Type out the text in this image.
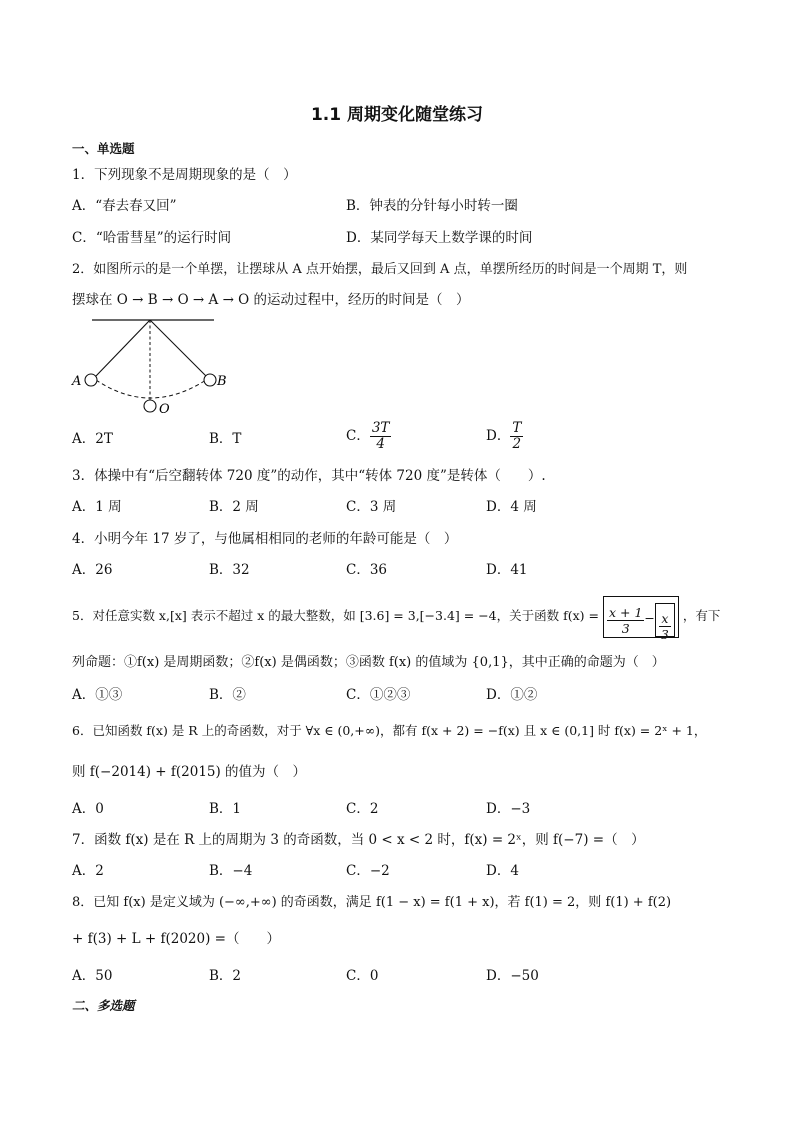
1.1 周期变化随堂练习
一、单选题
1．下列现象不是周期现象的是（　）
A．“春去春又回”	B．钟表的分针每小时转一圈
C．“哈雷彗星”的运行时间	D．某同学每天上数学课的时间
2．如图所示的是一个单摆，让摆球从 A 点开始摆，最后又回到 A 点，单摆所经历的时间是一个周期 T，则
摆球在 O → B → O → A → O 的运动过程中，经历的时间是（　）
A	B
O
A．2T	B．T	C． $\frac{3T}{4}$	D． $\frac{T}{2}$
3．体操中有“后空翻转体 720 度”的动作，其中“转体 720 度”是转体（　　）.
A．1 周	B．2 周	C．3 周	D．4 周
4．小明今年 17 岁了，与他属相相同的老师的年龄可能是（　）
A．26	B．32	C．36	D．41
5．对任意实数 x,[x] 表示不超过 x 的最大整数，如 [3.6] = 3,[−3.4] = −4，关于函数 $f(x) = \frac{x + 1}{3} - \frac{x}{3}$ ，有下
列命题：①f(x) 是周期函数；②f(x) 是偶函数；③函数 f(x) 的值域为 {0,1}，其中正确的命题为（　）
A．①③	B．②	C．①②③	D．①②
6．已知函数 f(x) 是 R 上的奇函数，对于 ∀x ∈ (0,+∞)，都有 f(x + 2) = −f(x) 且 x ∈ (0,1] 时 f(x) = 2ˣ + 1，
则 f(−2014) + f(2015) 的值为（　）
A．0	B．1	C．2	D．−3
7．函数 f(x) 是在 R 上的周期为 3 的奇函数，当 0 < x < 2 时，f(x) = 2ˣ，则 f(−7) =（　）
A．2	B．−4	C．−2	D．4
8．已知 f(x) 是定义域为 (−∞,+∞) 的奇函数，满足 f(1 − x) = f(1 + x)，若 f(1) = 2，则 f(1) + f(2)
+ f(3) + L + f(2020) =（　　）
A．50	B．2	C．0	D．−50
二、多选题
